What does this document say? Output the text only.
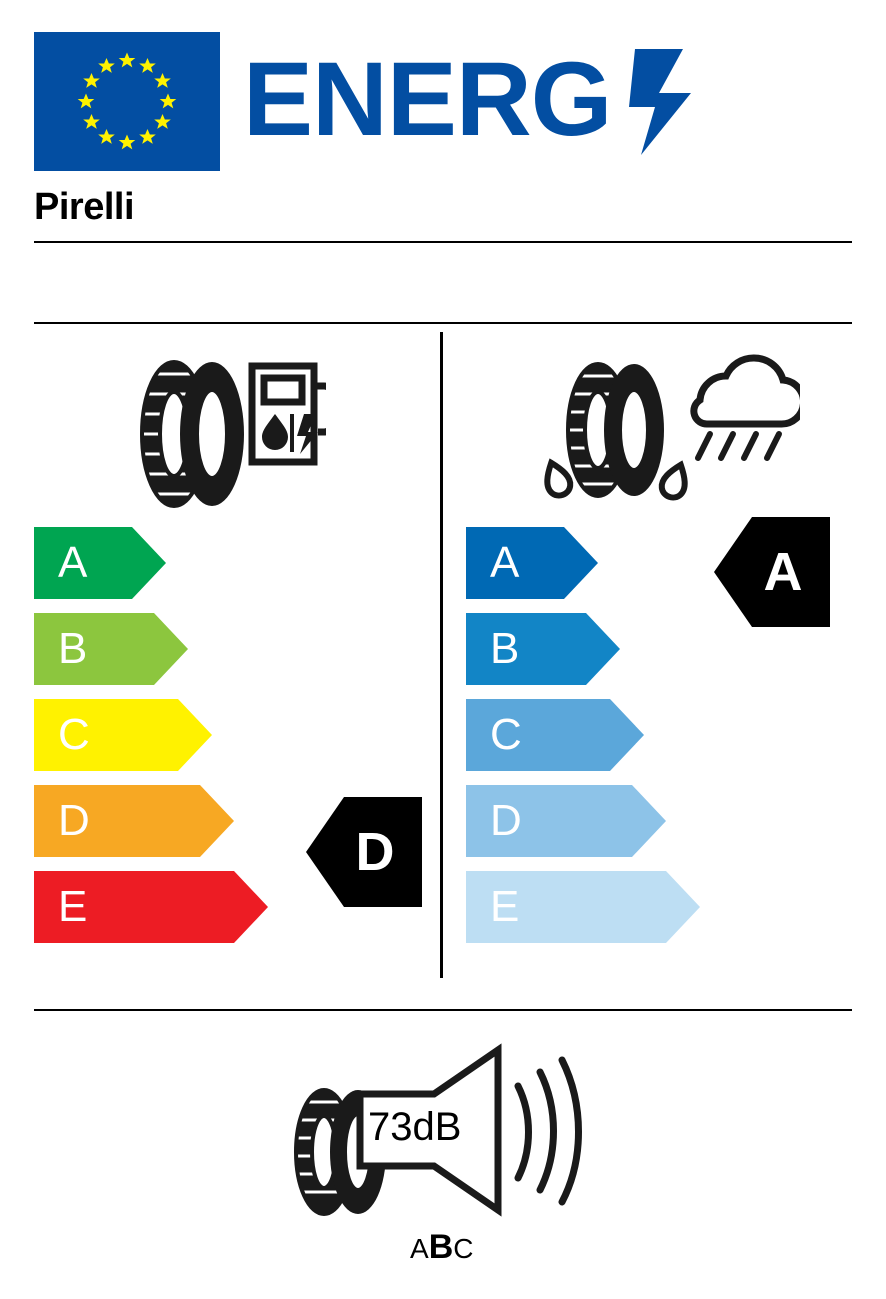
ENERG
Pirelli
A
B
C
D
E
A
B
C
D
E
D
A
73dB
ABC
